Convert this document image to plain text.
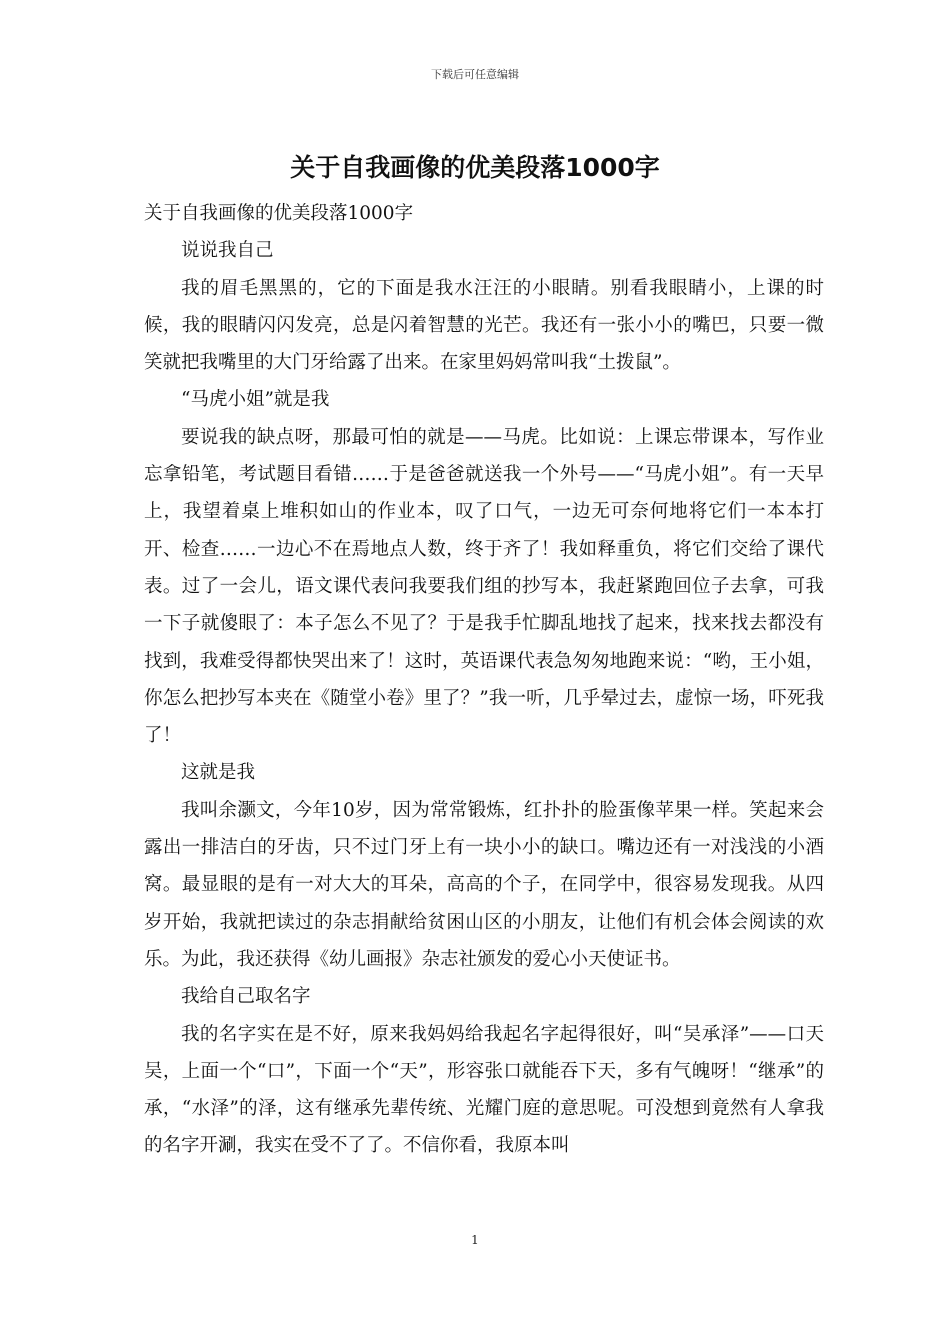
下载后可任意编辑
关于自我画像的优美段落1000字

关于自我画像的优美段落1000字

说说我自己

我的眉毛黑黑的，它的下面是我水汪汪的小眼睛。别看我眼睛小，上课的时候，我的眼睛闪闪发亮，总是闪着智慧的光芒。我还有一张小小的嘴巴，只要一微笑就把我嘴里的大门牙给露了出来。在家里妈妈常叫我“土拨鼠”。

“马虎小姐”就是我

要说我的缺点呀，那最可怕的就是——马虎。比如说：上课忘带课本，写作业忘拿铅笔，考试题目看错……于是爸爸就送我一个外号——“马虎小姐”。有一天早上，我望着桌上堆积如山的作业本，叹了口气，一边无可奈何地将它们一本本打开、检查……一边心不在焉地点人数，终于齐了！我如释重负，将它们交给了课代表。过了一会儿，语文课代表问我要我们组的抄写本，我赶紧跑回位子去拿，可我一下子就傻眼了：本子怎么不见了？于是我手忙脚乱地找了起来，找来找去都没有找到，我难受得都快哭出来了！这时，英语课代表急匆匆地跑来说：“哟，王小姐，你怎么把抄写本夹在《随堂小卷》里了？”我一听，几乎晕过去，虚惊一场，吓死我了！

这就是我

我叫余灏文，今年10岁，因为常常锻炼，红扑扑的脸蛋像苹果一样。笑起来会露出一排洁白的牙齿，只不过门牙上有一块小小的缺口。嘴边还有一对浅浅的小酒窝。最显眼的是有一对大大的耳朵，高高的个子，在同学中，很容易发现我。从四岁开始，我就把读过的杂志捐献给贫困山区的小朋友，让他们有机会体会阅读的欢乐。为此，我还获得《幼儿画报》杂志社颁发的爱心小天使证书。

我给自己取名字

我的名字实在是不好，原来我妈妈给我起名字起得很好，叫“吴承泽”——口天吴，上面一个“口”，下面一个“天”，形容张口就能吞下天，多有气魄呀！“继承”的承，“水泽”的泽，这有继承先辈传统、光耀门庭的意思呢。可没想到竟然有人拿我的名字开涮，我实在受不了了。不信你看，我原本叫

1
